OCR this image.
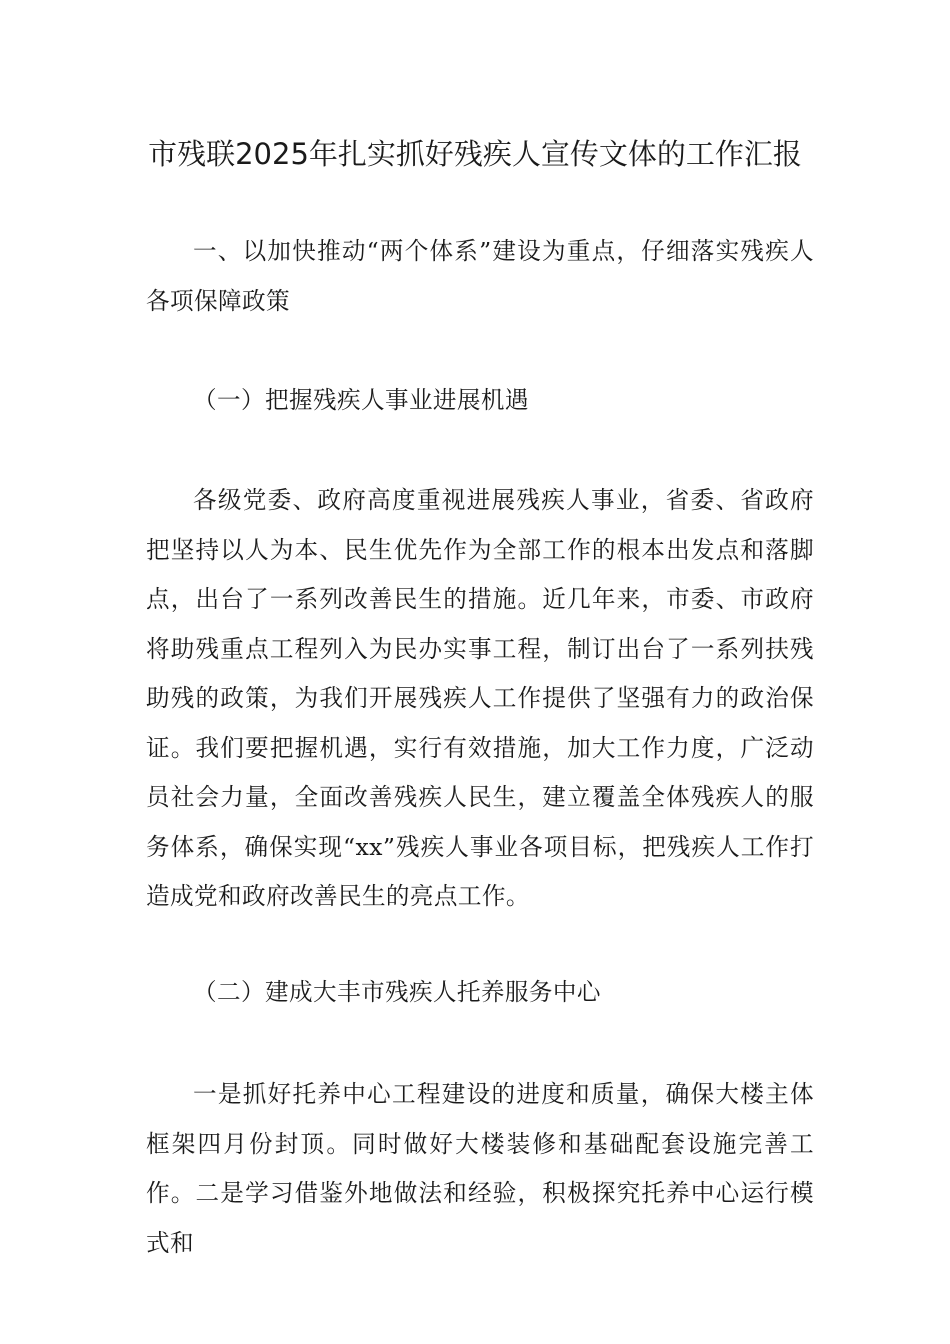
市残联2025年扎实抓好残疾人宣传文体的工作汇报

一、以加快推动“两个体系”建设为重点，仔细落实残疾人各项保障政策

（一）把握残疾人事业进展机遇

各级党委、政府高度重视进展残疾人事业，省委、省政府把坚持以人为本、民生优先作为全部工作的根本出发点和落脚点，出台了一系列改善民生的措施。近几年来，市委、市政府将助残重点工程列入为民办实事工程，制订出台了一系列扶残助残的政策，为我们开展残疾人工作提供了坚强有力的政治保证。我们要把握机遇，实行有效措施，加大工作力度，广泛动员社会力量，全面改善残疾人民生，建立覆盖全体残疾人的服务体系，确保实现“xx”残疾人事业各项目标，把残疾人工作打造成党和政府改善民生的亮点工作。

（二）建成大丰市残疾人托养服务中心

一是抓好托养中心工程建设的进度和质量，确保大楼主体框架四月份封顶。同时做好大楼装修和基础配套设施完善工作。二是学习借鉴外地做法和经验，积极探究托养中心运行模式和
